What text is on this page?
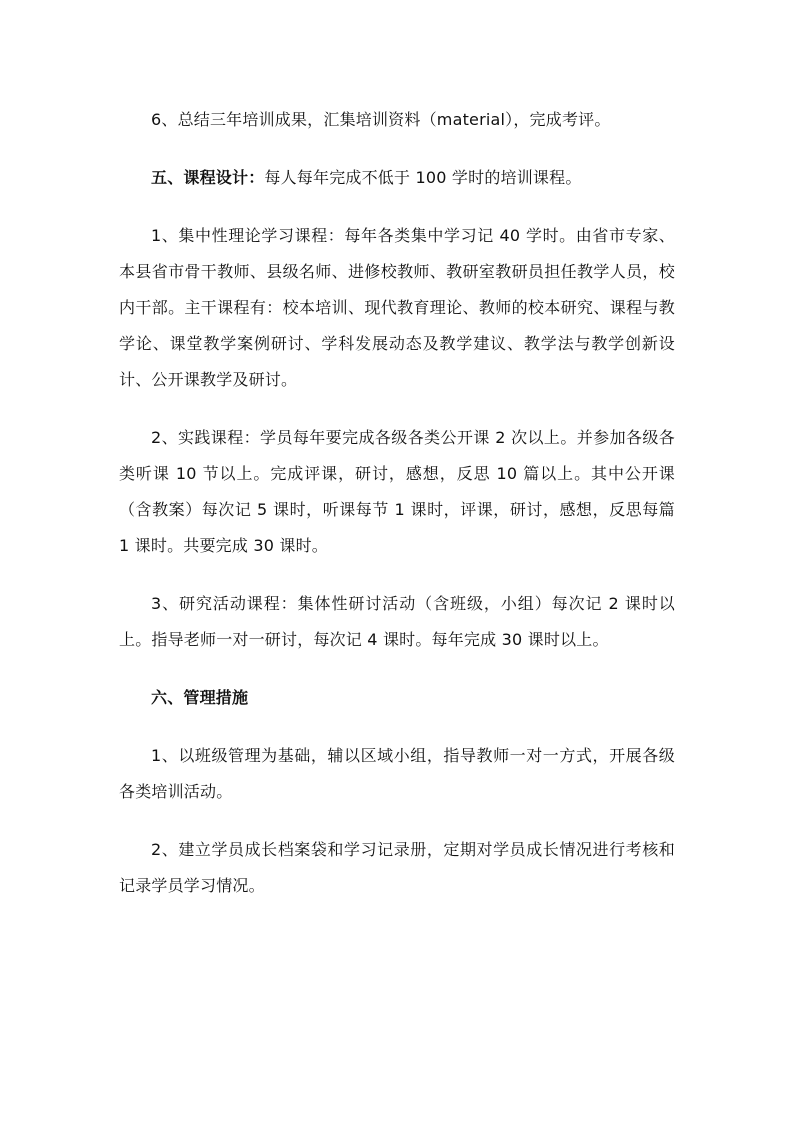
6、总结三年培训成果，汇集培训资料（material），完成考评。

五、课程设计：每人每年完成不低于 100 学时的培训课程。

1、集中性理论学习课程：每年各类集中学习记 40 学时。由省市专家、本县省市骨干教师、县级名师、进修校教师、教研室教研员担任教学人员，校内干部。主干课程有：校本培训、现代教育理论、教师的校本研究、课程与教学论、课堂教学案例研讨、学科发展动态及教学建议、教学法与教学创新设计、公开课教学及研讨。

2、实践课程：学员每年要完成各级各类公开课 2 次以上。并参加各级各类听课 10 节以上。完成评课，研讨，感想，反思 10 篇以上。其中公开课（含教案）每次记 5 课时，听课每节 1 课时，评课，研讨，感想，反思每篇 1 课时。共要完成 30 课时。

3、研究活动课程：集体性研讨活动（含班级，小组）每次记 2 课时以上。指导老师一对一研讨，每次记 4 课时。每年完成 30 课时以上。

六、管理措施

1、以班级管理为基础，辅以区域小组，指导教师一对一方式，开展各级各类培训活动。

2、建立学员成长档案袋和学习记录册，定期对学员成长情况进行考核和记录学员学习情况。
